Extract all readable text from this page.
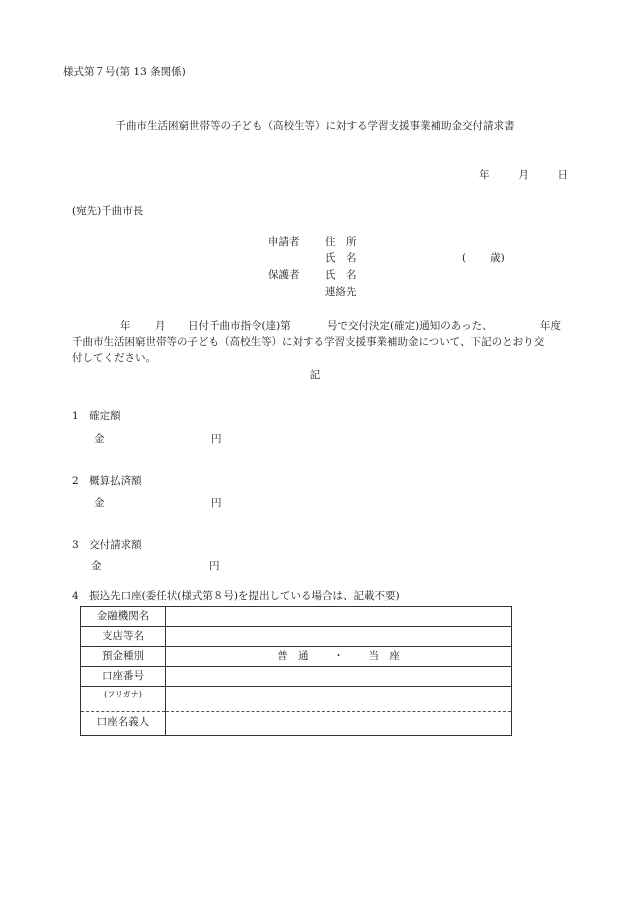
様式第７号(第 13 条関係)
千曲市生活困窮世帯等の子ども（高校生等）に対する学習支援事業補助金交付請求書
年	月	日
(宛先)千曲市長
申請者 住　所
氏　名	( 歳)
保護者 氏　名
連絡先
年 月 日付千曲市指令(達)第	号で交付決定(確定)通知のあった、	年度
千曲市生活困窮世帯等の子ども（高校生等）に対する学習支援事業補助金について、下記のとおり交
付してください。
記
1　確定額
金	円
2　概算払済額
金	円
3　交付請求額
金	円
4　振込先口座(委任状(様式第８号)を提出している場合は、記載不要)
金融機関名	
支店等名	
預金種別	普　通 ・ 当　座
口座番号	

(フリガナ)
口座名義人	
